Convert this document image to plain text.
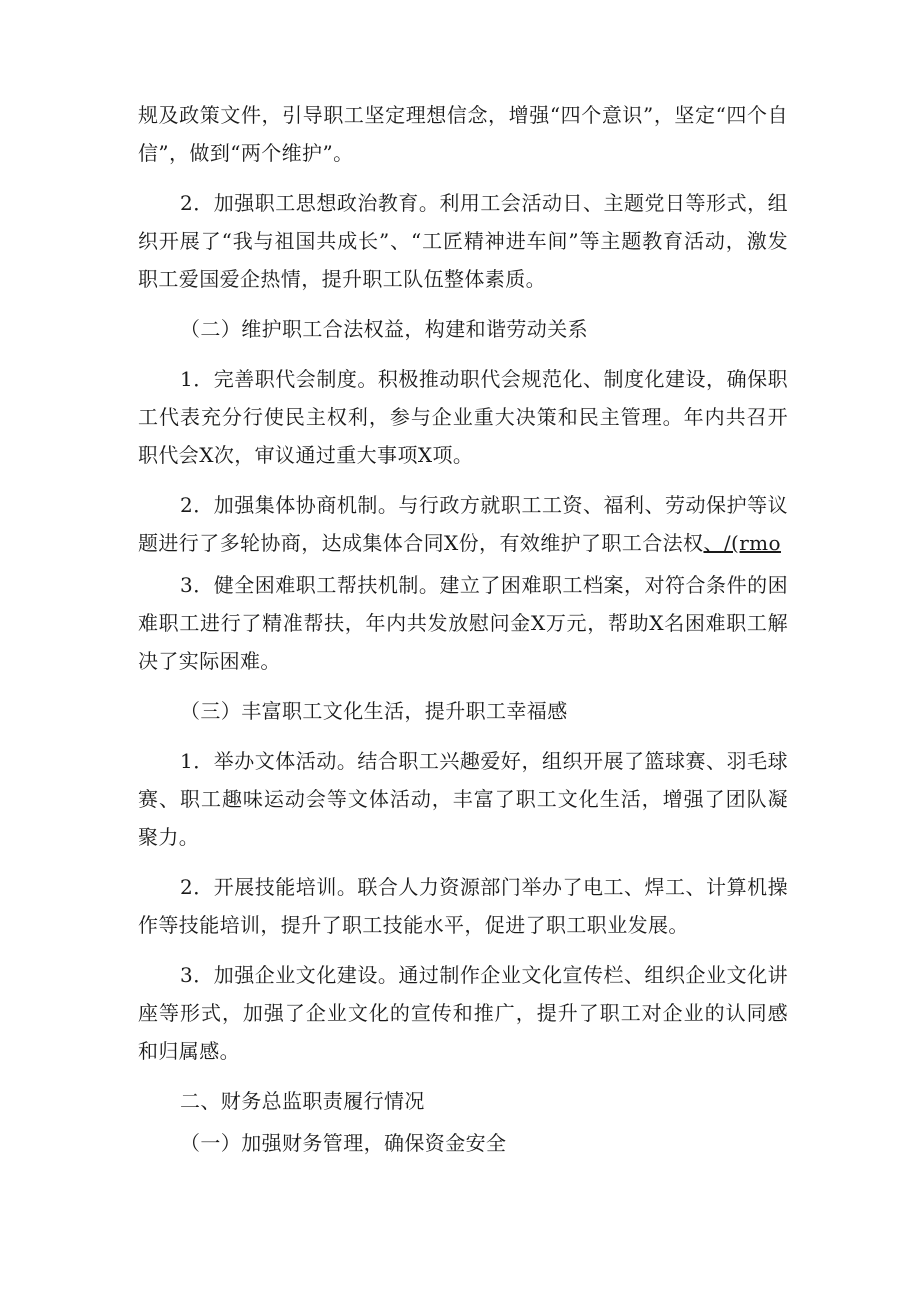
规及政策文件，引导职工坚定理想信念，增强“四个意识”，坚定“四个自信”，做到“两个维护”。

2．加强职工思想政治教育。利用工会活动日、主题党日等形式，组织开展了“我与祖国共成长”、“工匠精神进车间”等主题教育活动，激发职工爱国爱企热情，提升职工队伍整体素质。

（二）维护职工合法权益，构建和谐劳动关系

1．完善职代会制度。积极推动职代会规范化、制度化建设，确保职工代表充分行使民主权利，参与企业重大决策和民主管理。年内共召开职代会X次，审议通过重大事项X项。

2．加强集体协商机制。与行政方就职工工资、福利、劳动保护等议题进行了多轮协商，达成集体合同X份，有效维护了职工合法权、/(rmo

3．健全困难职工帮扶机制。建立了困难职工档案，对符合条件的困难职工进行了精准帮扶，年内共发放慰问金X万元，帮助X名困难职工解决了实际困难。

（三）丰富职工文化生活，提升职工幸福感

1．举办文体活动。结合职工兴趣爱好，组织开展了篮球赛、羽毛球赛、职工趣味运动会等文体活动，丰富了职工文化生活，增强了团队凝聚力。

2．开展技能培训。联合人力资源部门举办了电工、焊工、计算机操作等技能培训，提升了职工技能水平，促进了职工职业发展。

3．加强企业文化建设。通过制作企业文化宣传栏、组织企业文化讲座等形式，加强了企业文化的宣传和推广，提升了职工对企业的认同感和归属感。

二、财务总监职责履行情况

（一）加强财务管理，确保资金安全
